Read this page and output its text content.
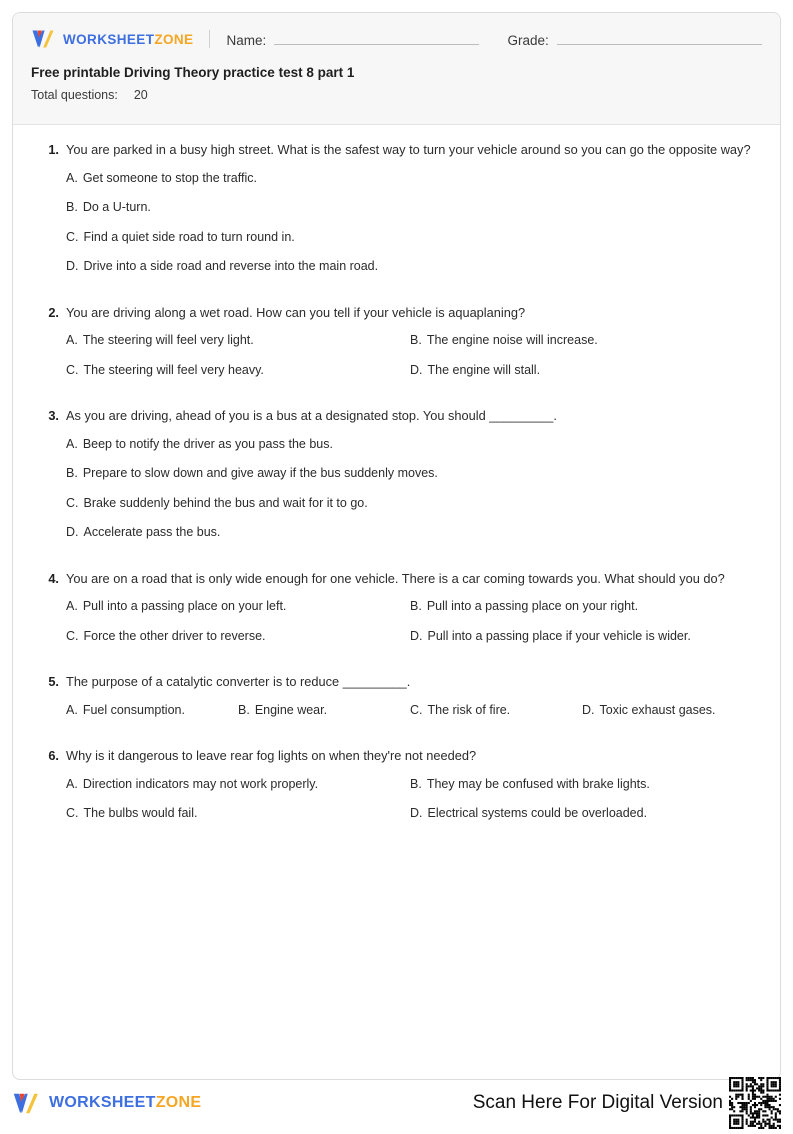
WORKSHEETZONE Name:	Grade:
Free printable Driving Theory practice test 8 part 1
Total questions: 20
1. You are parked in a busy high street. What is the safest way to turn your vehicle around so you can go the opposite way?

A. Get someone to stop the traffic.
B. Do a U-turn.
C. Find a quiet side road to turn round in.
D. Drive into a side road and reverse into the main road.
2. You are driving along a wet road. How can you tell if your vehicle is aquaplaning?

A. The steering will feel very light.	B. The engine noise will increase.
C. The steering will feel very heavy.	D. The engine will stall.
3. As you are driving, ahead of you is a bus at a designated stop. You should _________.

A. Beep to notify the driver as you pass the bus.
B. Prepare to slow down and give away if the bus suddenly moves.
C. Brake suddenly behind the bus and wait for it to go.
D. Accelerate pass the bus.
4. You are on a road that is only wide enough for one vehicle. There is a car coming towards you. What should you do?

A. Pull into a passing place on your left.	B. Pull into a passing place on your right.
C. Force the other driver to reverse.	D. Pull into a passing place if your vehicle is wider.
5. The purpose of a catalytic converter is to reduce _________.

A. Fuel consumption.	B. Engine wear.	C. The risk of fire.	D. Toxic exhaust gases.
6. Why is it dangerous to leave rear fog lights on when they're not needed?

A. Direction indicators may not work properly.	B. They may be confused with brake lights.
C. The bulbs would fail.	D. Electrical systems could be overloaded.
WORKSHEETZONE	Scan Here For Digital Version
